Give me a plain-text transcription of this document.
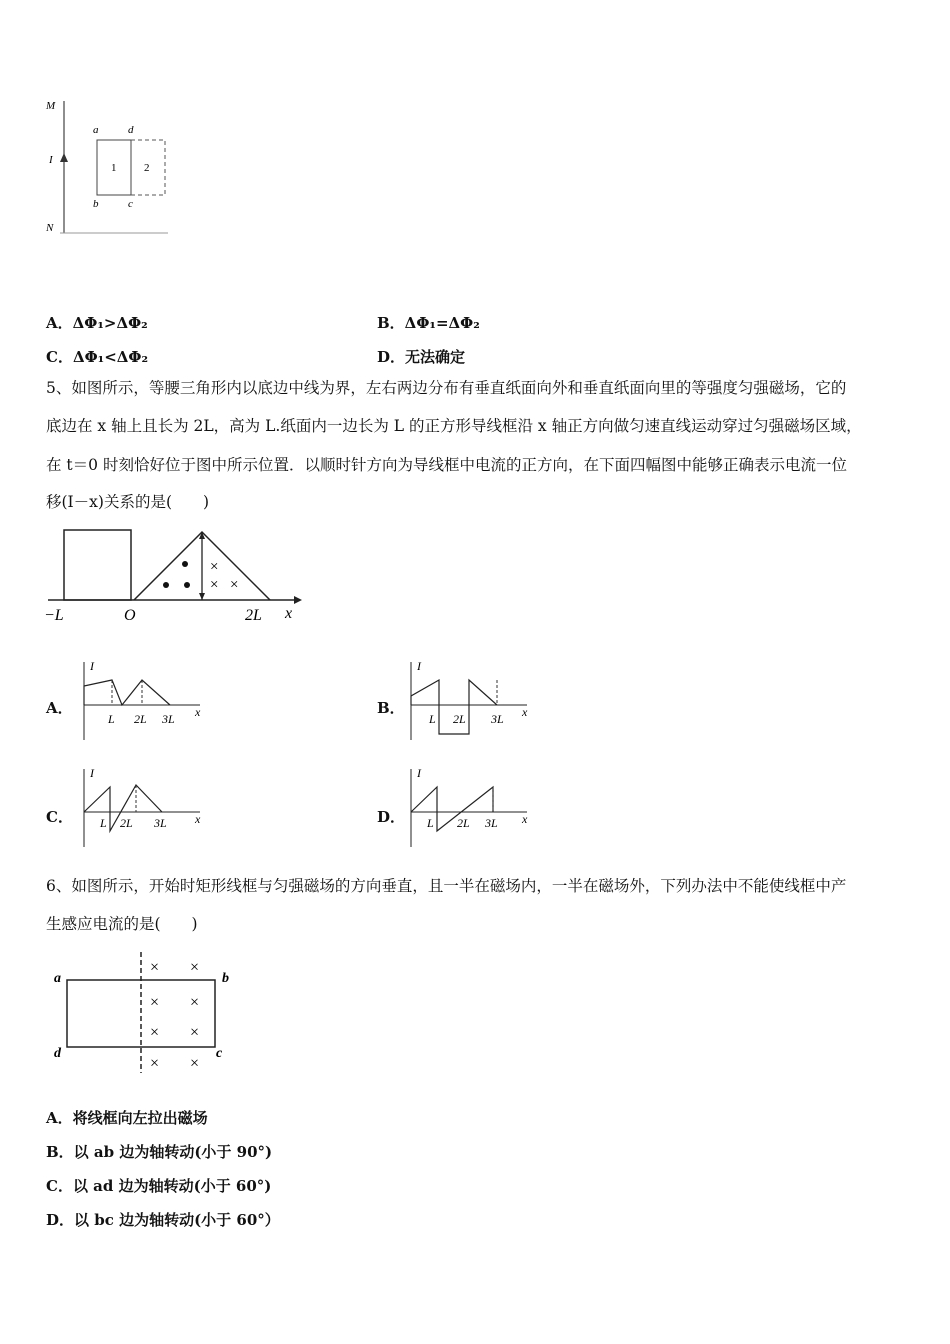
M
I
N
a	d
b	c
1	2
A．ΔΦ₁>ΔΦ₂	B．ΔΦ₁=ΔΦ₂
C．ΔΦ₁<ΔΦ₂	D．无法确定
5、如图所示，等腰三角形内以底边中线为界，左右两边分布有垂直纸面向外和垂直纸面向里的等强度匀强磁场，它的
底边在 x 轴上且长为 2L，高为 L.纸面内一边长为 L 的正方形导线框沿 x 轴正方向做匀速直线运动穿过匀强磁场区域，
在 t＝0 时刻恰好位于图中所示位置．以顺时针方向为导线框中电流的正方向，在下面四幅图中能够正确表示电流一位
移(I－x)关系的是(　　)
×
× ×
−L	O	2L x
A．
I
x
L 2L 3L
B．
I
x
L 2L 3L
C．
I
x
L 2L 3L	D．
I
x
L 2L 3L
6、如图所示，开始时矩形线框与匀强磁场的方向垂直，且一半在磁场内，一半在磁场外，下列办法中不能使线框中产
生感应电流的是(　　)
a	b
d	c
× ×
× ×
× ×
× ×
A．将线框向左拉出磁场
B．以 ab 边为轴转动(小于 90°)
C．以 ad 边为轴转动(小于 60°)
D．以 bc 边为轴转动(小于 60°）
